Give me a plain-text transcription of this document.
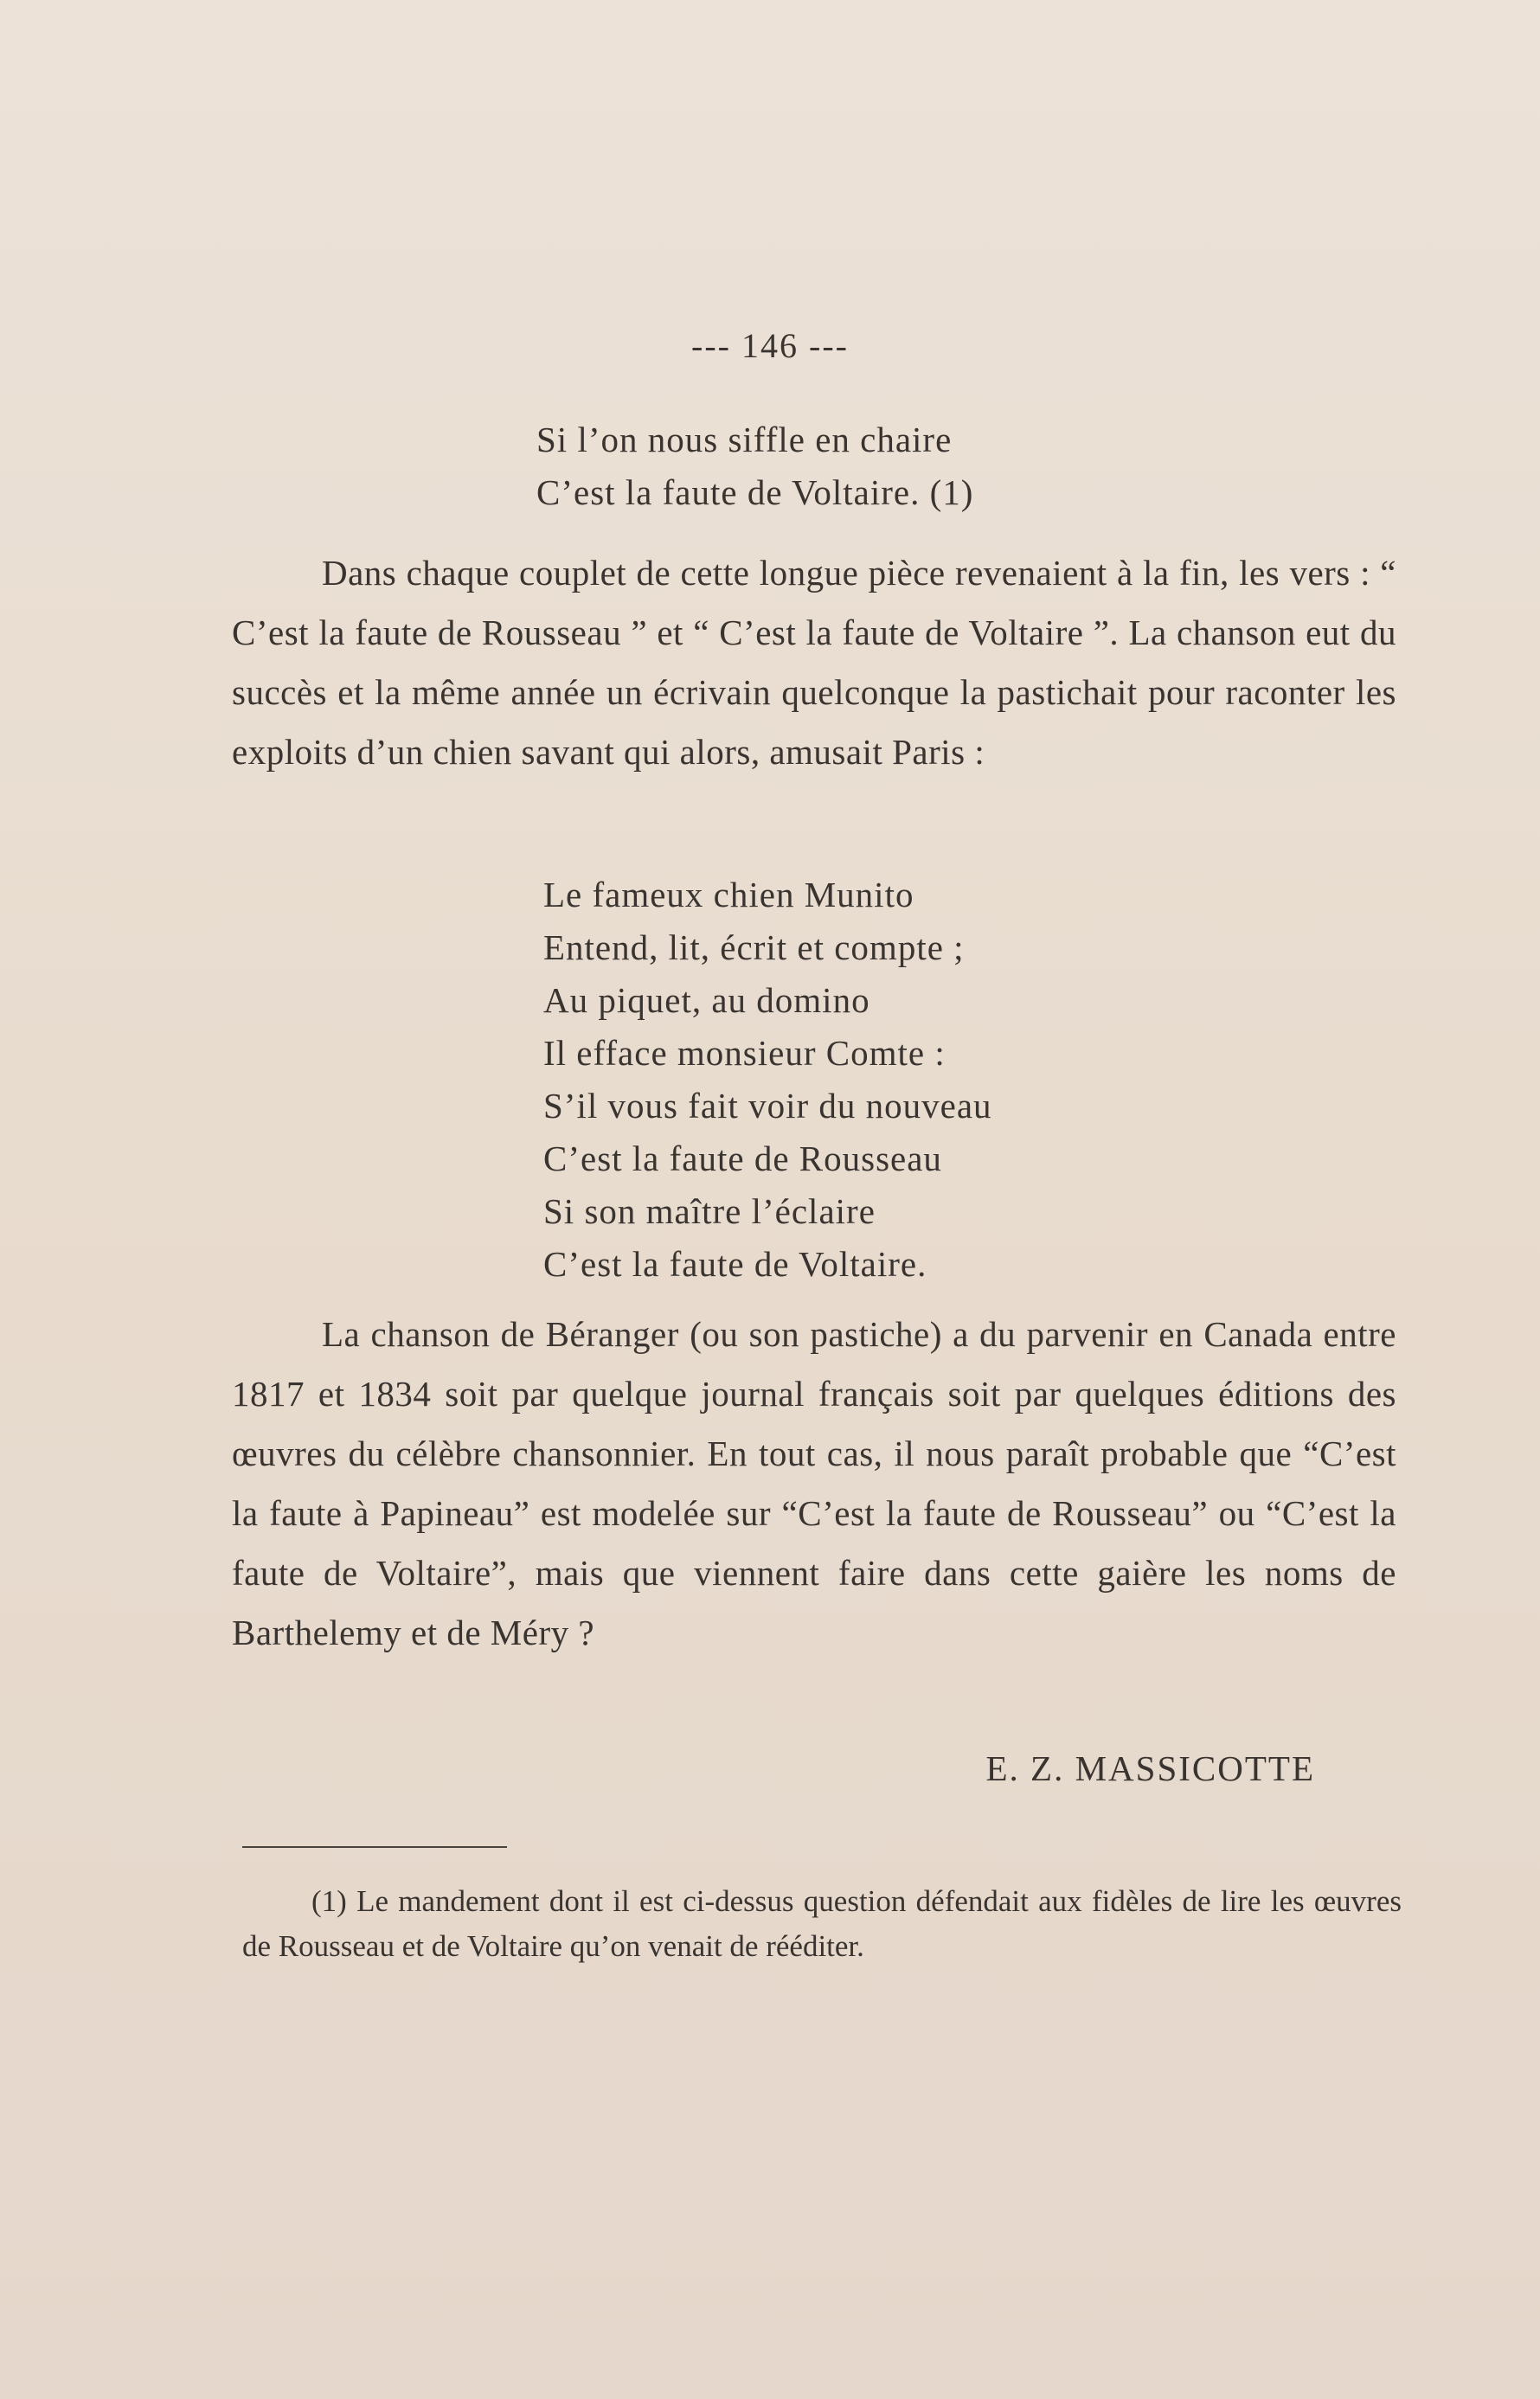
--- 146 ---
Si l’on nous siffle en chaire
C’est la faute de Voltaire. (1)
Dans chaque couplet de cette longue pièce revenaient à la fin, les vers : “ C’est la faute de Rousseau ” et “ C’est la faute de Voltaire ”. La chanson eut du succès et la même année un écrivain quelconque la pastichait pour raconter les exploits d’un chien savant qui alors, amusait Paris :
Le fameux chien Munito
Entend, lit, écrit et compte ;
Au piquet, au domino
Il efface monsieur Comte :
S’il vous fait voir du nouveau
C’est la faute de Rousseau
Si son maître l’éclaire
C’est la faute de Voltaire.
La chanson de Béranger (ou son pastiche) a du parvenir en Canada entre 1817 et 1834 soit par quelque journal français soit par quelques éditions des œuvres du célèbre chansonnier. En tout cas, il nous paraît probable que “C’est la faute à Papineau” est modelée sur “C’est la faute de Rousseau” ou “C’est la faute de Voltaire”, mais que viennent faire dans cette gaière les noms de Barthelemy et de Méry ?
E. Z. MASSICOTTE
(1) Le mandement dont il est ci-dessus question défendait aux fidèles de lire les œuvres de Rousseau et de Voltaire qu’on venait de rééditer.
